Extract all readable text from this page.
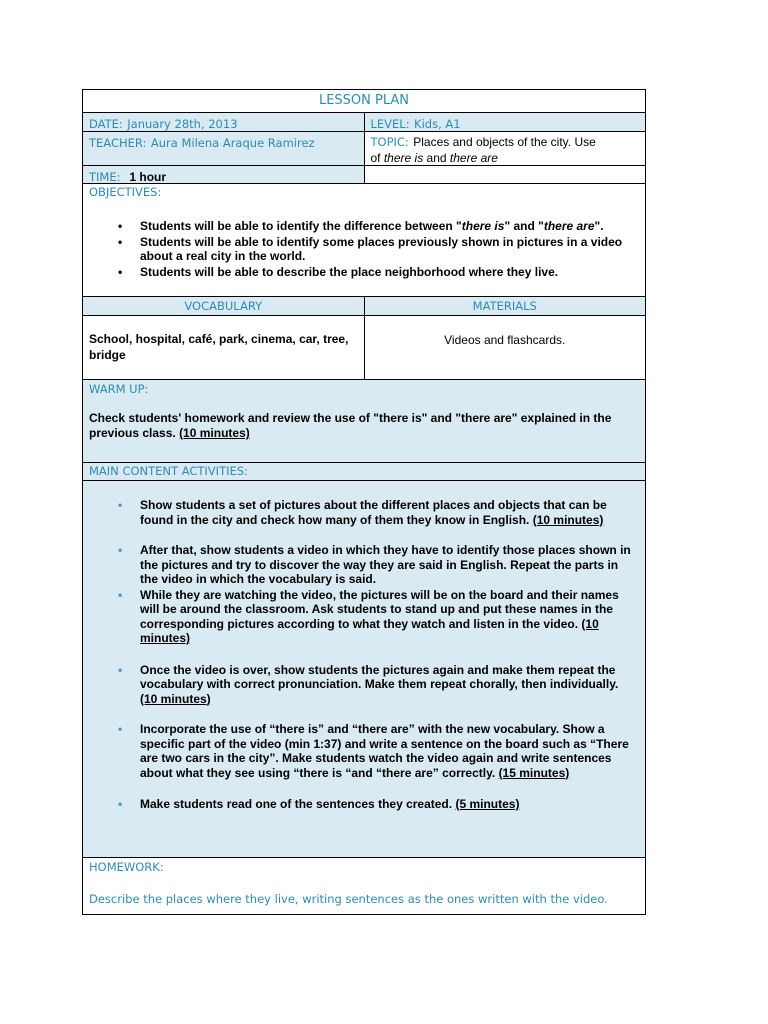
LESSON PLAN
DATE: January 28th, 2013	LEVEL: Kids, A1
TEACHER: Aura Milena Araque Ramirez	TOPIC: Places and objects of the city. Use
of there is and there are
TIME: 1 hour
OBJECTIVES:
• Students will be able to identify the difference between "there is" and "there are".
• Students will be able to identify some places previously shown in pictures in a video about a real city in the world.
• Students will be able to describe the place neighborhood where they live.
VOCABULARY	MATERIALS
School, hospital, café, park, cinema, car, tree, bridge
Videos and flashcards.
WARM UP:
Check students' homework and review the use of "there is" and "there are" explained in the previous class. (10 minutes)
MAIN CONTENT ACTIVITIES:
• Show students a set of pictures about the different places and objects that can be found in the city and check how many of them they know in English. (10 minutes)
• After that, show students a video in which they have to identify those places shown in the pictures and try to discover the way they are said in English. Repeat the parts in the video in which the vocabulary is said.
• While they are watching the video, the pictures will be on the board and their names will be around the classroom. Ask students to stand up and put these names in the corresponding pictures according to what they watch and listen in the video. (10 minutes)
• Once the video is over, show students the pictures again and make them repeat the vocabulary with correct pronunciation. Make them repeat chorally, then individually. (10 minutes)
• Incorporate the use of “there is” and “there are” with the new vocabulary. Show a specific part of the video (min 1:37) and write a sentence on the board such as “There are two cars in the city”. Make students watch the video again and write sentences about what they see using “there is “and “there are” correctly. (15 minutes)
• Make students read one of the sentences they created. (5 minutes)
HOMEWORK:
Describe the places where they live, writing sentences as the ones written with the video.
